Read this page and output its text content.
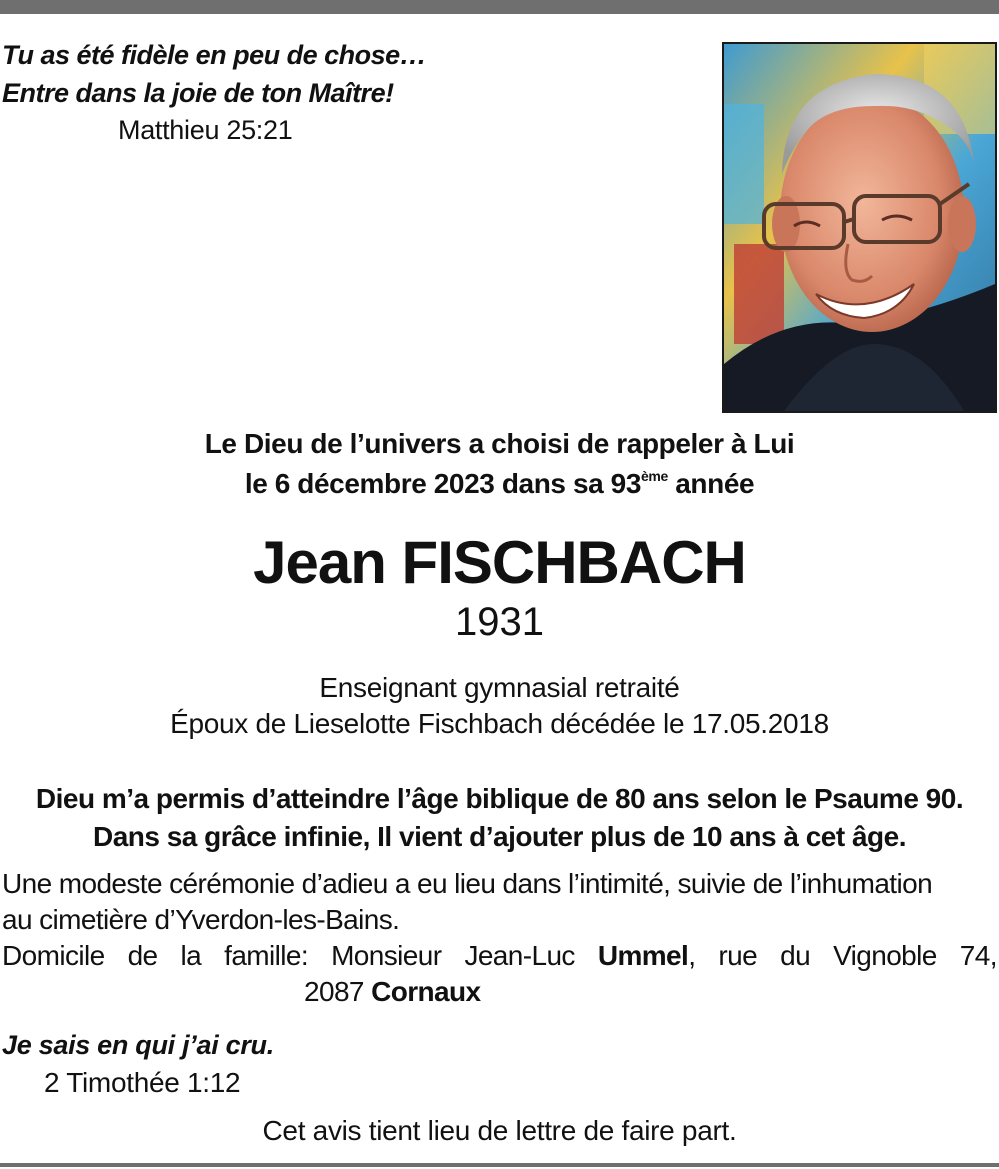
Tu as été fidèle en peu de chose…
Entre dans la joie de ton Maître!
Matthieu 25:21
Le Dieu de l’univers a choisi de rappeler à Lui
le 6 décembre 2023 dans sa 93ème année
Jean FISCHBACH
1931
Enseignant gymnasial retraité
Époux de Lieselotte Fischbach décédée le 17.05.2018
Dieu m’a permis d’atteindre l’âge biblique de 80 ans selon le Psaume 90.
Dans sa grâce infinie, Il vient d’ajouter plus de 10 ans à cet âge.
Une modeste cérémonie d’adieu a eu lieu dans l’intimité, suivie de l’inhumation
au cimetière d’Yverdon-les-Bains.
Domicile de la famille: Monsieur Jean-Luc Ummel, rue du Vignoble 74,
2087 Cornaux
Je sais en qui j’ai cru.
2 Timothée 1:12
Cet avis tient lieu de lettre de faire part.
